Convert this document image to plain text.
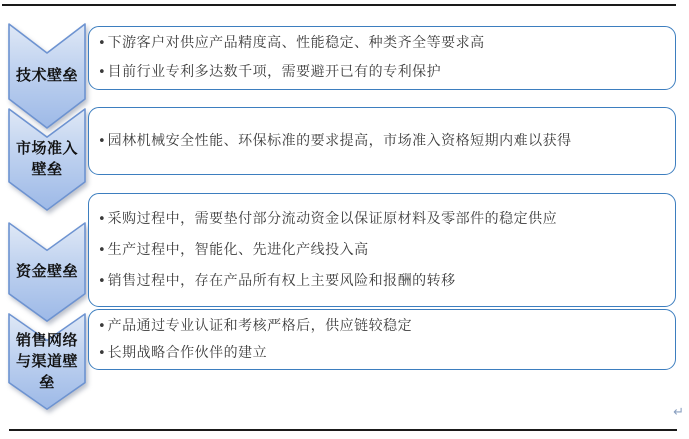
技术壁垒
• 下游客户对供应产品精度高、性能稳定、种类齐全等要求高
• 目前行业专利多达数千项，需要避开已有的专利保护
市场准入壁垒
• 园林机械安全性能、环保标准的要求提高，市场准入资格短期内难以获得
资金壁垒
• 采购过程中，需要垫付部分流动资金以保证原材料及零部件的稳定供应
• 生产过程中，智能化、先进化产线投入高
• 销售过程中，存在产品所有权上主要风险和报酬的转移
销售网络与渠道壁垒
• 产品通过专业认证和考核严格后，供应链较稳定
• 长期战略合作伙伴的建立
↵
